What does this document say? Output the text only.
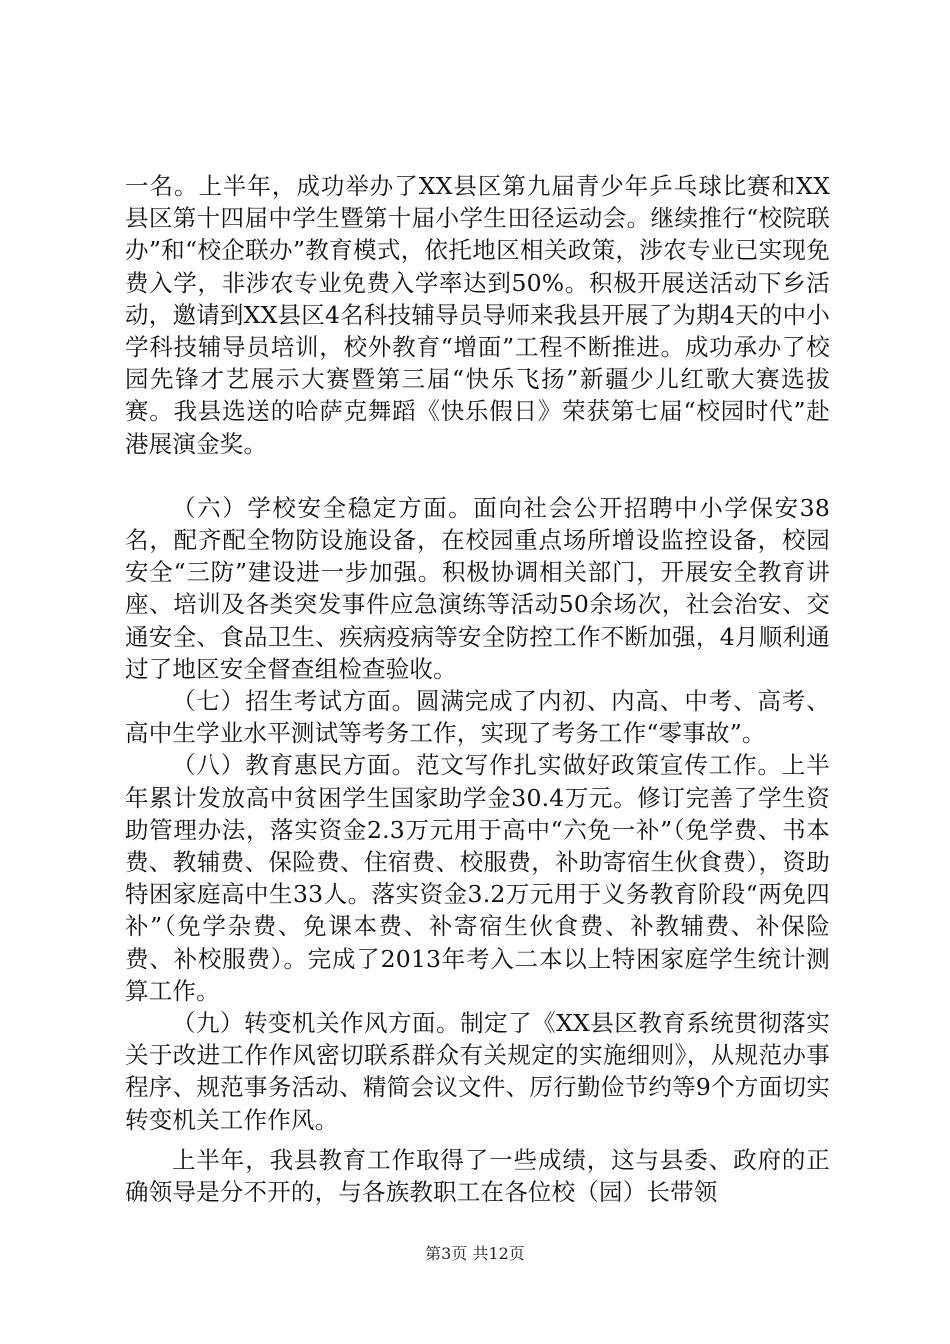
一名。上半年，成功举办了XX县区第九届青少年乒乓球比赛和XX县区第十四届中学生暨第十届小学生田径运动会。继续推行“校院联办”和“校企联办”教育模式，依托地区相关政策，涉农专业已实现免费入学，非涉农专业免费入学率达到50%。积极开展送活动下乡活动，邀请到XX县区4名科技辅导员导师来我县开展了为期4天的中小学科技辅导员培训，校外教育“增面”工程不断推进。成功承办了校园先锋才艺展示大赛暨第三届“快乐飞扬”新疆少儿红歌大赛选拔赛。我县选送的哈萨克舞蹈《快乐假日》荣获第七届“校园时代”赴港展演金奖。

（六）学校安全稳定方面。面向社会公开招聘中小学保安38名，配齐配全物防设施设备，在校园重点场所增设监控设备，校园安全“三防”建设进一步加强。积极协调相关部门，开展安全教育讲座、培训及各类突发事件应急演练等活动50余场次，社会治安、交通安全、食品卫生、疾病疫病等安全防控工作不断加强，4月顺利通过了地区安全督查组检查验收。

（七）招生考试方面。圆满完成了内初、内高、中考、高考、高中生学业水平测试等考务工作，实现了考务工作“零事故”。

（八）教育惠民方面。范文写作扎实做好政策宣传工作。上半年累计发放高中贫困学生国家助学金30.4万元。修订完善了学生资助管理办法，落实资金2.3万元用于高中“六免一补”（免学费、书本费、教辅费、保险费、住宿费、校服费，补助寄宿生伙食费），资助特困家庭高中生33人。落实资金3.2万元用于义务教育阶段“两免四补”（免学杂费、免课本费、补寄宿生伙食费、补教辅费、补保险费、补校服费）。完成了2013年考入二本以上特困家庭学生统计测算工作。

（九）转变机关作风方面。制定了《XX县区教育系统贯彻落实关于改进工作作风密切联系群众有关规定的实施细则》，从规范办事程序、规范事务活动、精简会议文件、厉行勤俭节约等9个方面切实转变机关工作作风。

上半年，我县教育工作取得了一些成绩，这与县委、政府的正确领导是分不开的，与各族教职工在各位校（园）长带领

第3页 共12页
